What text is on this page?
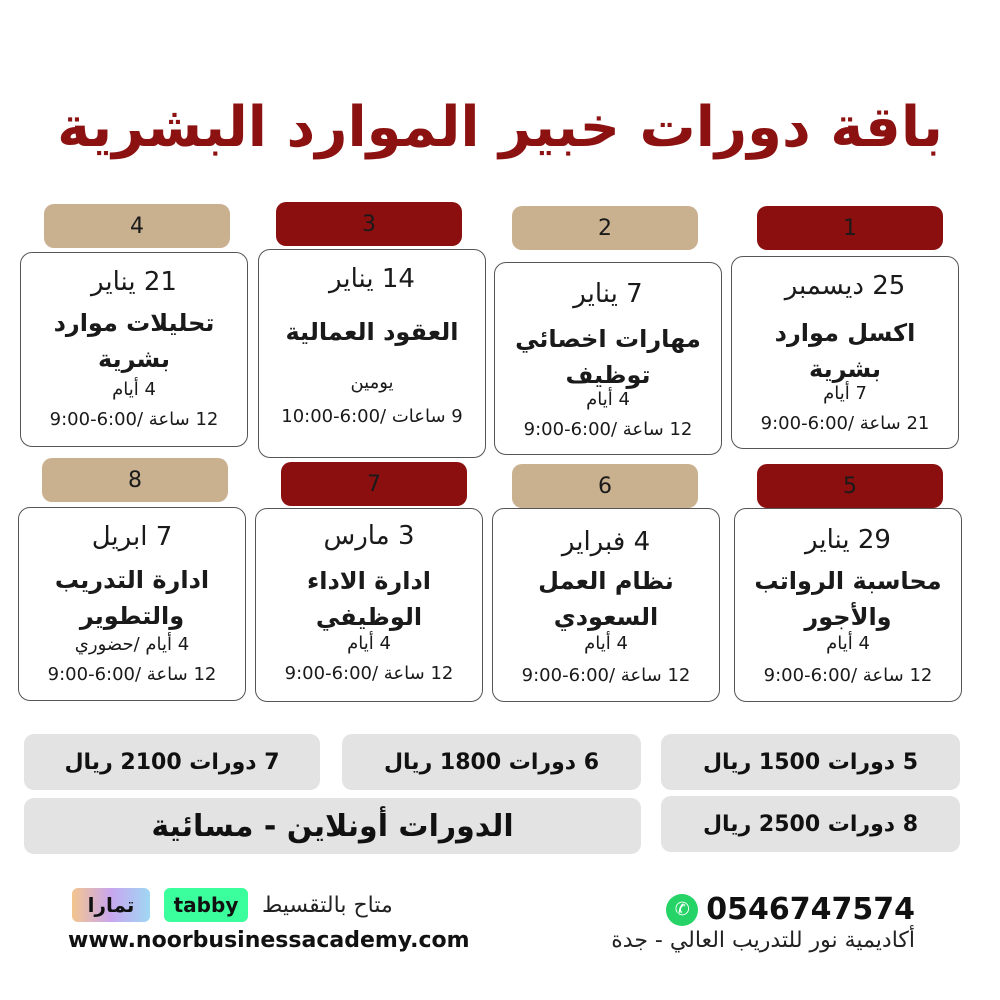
باقة دورات خبير الموارد البشرية
1
2
3
4
25 ديسمبر
اكسل موارد بشرية
7 أيام
21 ساعة /6:00-9:00
7 يناير
مهارات اخصائي توظيف
4 أيام
12 ساعة /6:00-9:00
14 يناير
العقود العمالية
يومين
9 ساعات /6:00-10:00
21 يناير
تحليلات موارد بشرية
4 أيام
12 ساعة /6:00-9:00
5
6
7
8
29 يناير
محاسبة الرواتب والأجور
4 أيام
12 ساعة /6:00-9:00
4 فبراير
نظام العمل السعودي
4 أيام
12 ساعة /6:00-9:00
3 مارس
ادارة الاداء الوظيفي
4 أيام
12 ساعة /6:00-9:00
7 ابريل
ادارة التدريب والتطوير
4 أيام /حضوري
12 ساعة /6:00-9:00
5 دورات 1500 ريال
6 دورات 1800 ريال
7 دورات 2100 ريال
8 دورات 2500 ريال
الدورات أونلاين - مسائية
✆ 0546747574
أكاديمية نور للتدريب العالي - جدة
تمارا tabby متاح بالتقسيط
www.noorbusinessacademy.com
